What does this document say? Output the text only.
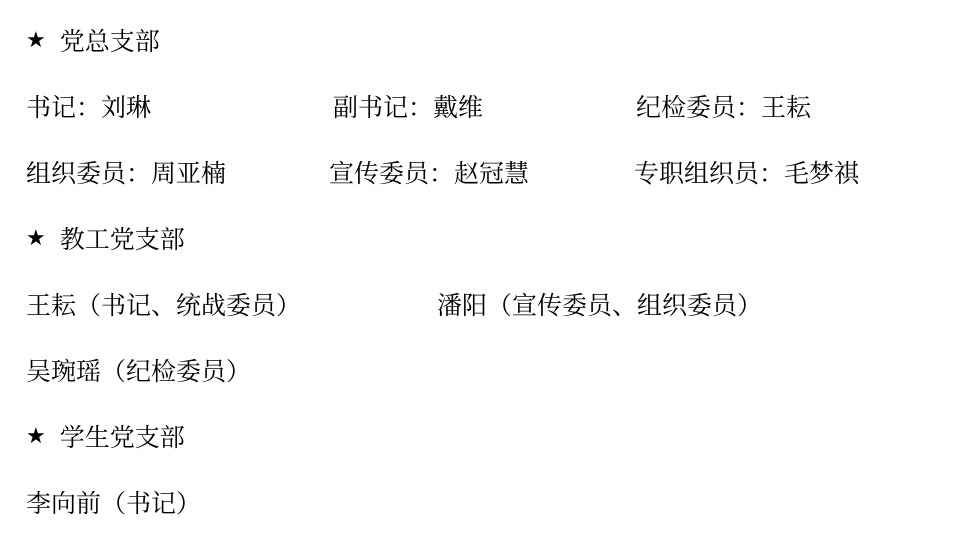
★ 党总支部
书记：刘琳	副书记：戴维	纪检委员：王耘
组织委员：周亚楠	宣传委员：赵冠慧	专职组织员：毛梦祺
★ 教工党支部
王耘（书记、统战委员）	潘阳（宣传委员、组织委员）
吴琬瑶（纪检委员）
★ 学生党支部
李向前（书记）
